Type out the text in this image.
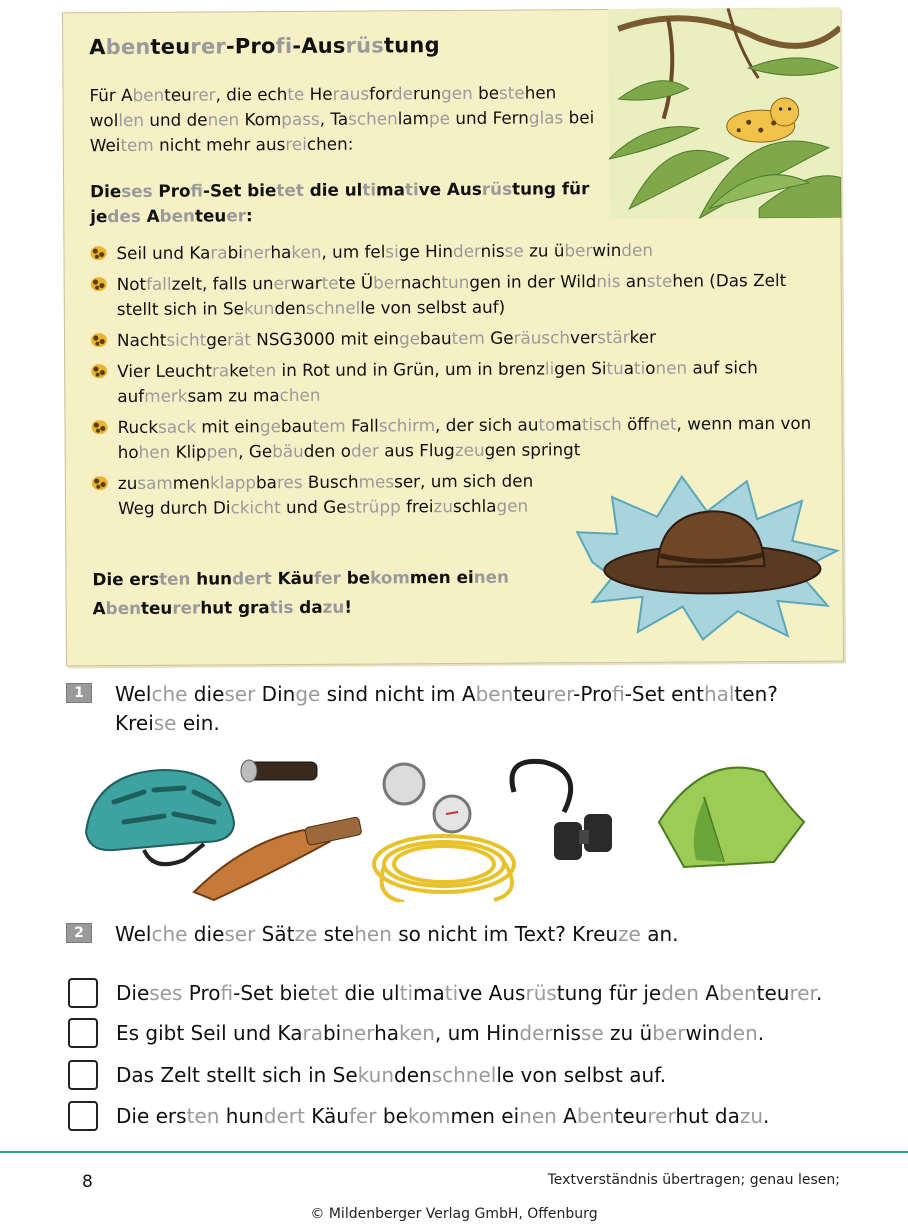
Abenteurer-Profi-Ausrüstung
Für Abenteurer, die echte Herausforderungen bestehen wollen und denen Kompass, Taschenlampe und Fernglas bei Weitem nicht mehr ausreichen:
Dieses Profi-Set bietet die ultimative Ausrüstung für jedes Abenteuer:
Seil und Karabinerhaken, um felsige Hindernisse zu überwinden
Notfallzelt, falls unerwartete Übernachtungen in der Wildnis anstehen (Das Zelt stellt sich in Sekundenschnelle von selbst auf)
Nachtsichtgerät NSG3000 mit eingebautem Geräuschverstärker
Vier Leuchtraketen in Rot und in Grün, um in brenzligen Situationen auf sich aufmerksam zu machen
Rucksack mit eingebautem Fallschirm, der sich automatisch öffnet, wenn man von hohen Klippen, Gebäuden oder aus Flugzeugen springt
zusammenklappbares Buschmesser, um sich den Weg durch Dickicht und Gestrüpp freizuschlagen
Die ersten hundert Käufer bekommen einen Abenteurerhut gratis dazu!
1	Welche dieser Dinge sind nicht im Abenteurer-Profi-Set enthalten? Kreise ein.
2	Welche dieser Sätze stehen so nicht im Text? Kreuze an.
Dieses Profi-Set bietet die ultimative Ausrüstung für jeden Abenteurer.
Es gibt Seil und Karabinerhaken, um Hindernisse zu überwinden.
Das Zelt stellt sich in Sekundenschnelle von selbst auf.
Die ersten hundert Käufer bekommen einen Abenteurerhut dazu.
8	Textverständnis übertragen; genau lesen;
© Mildenberger Verlag GmbH, Offenburg
